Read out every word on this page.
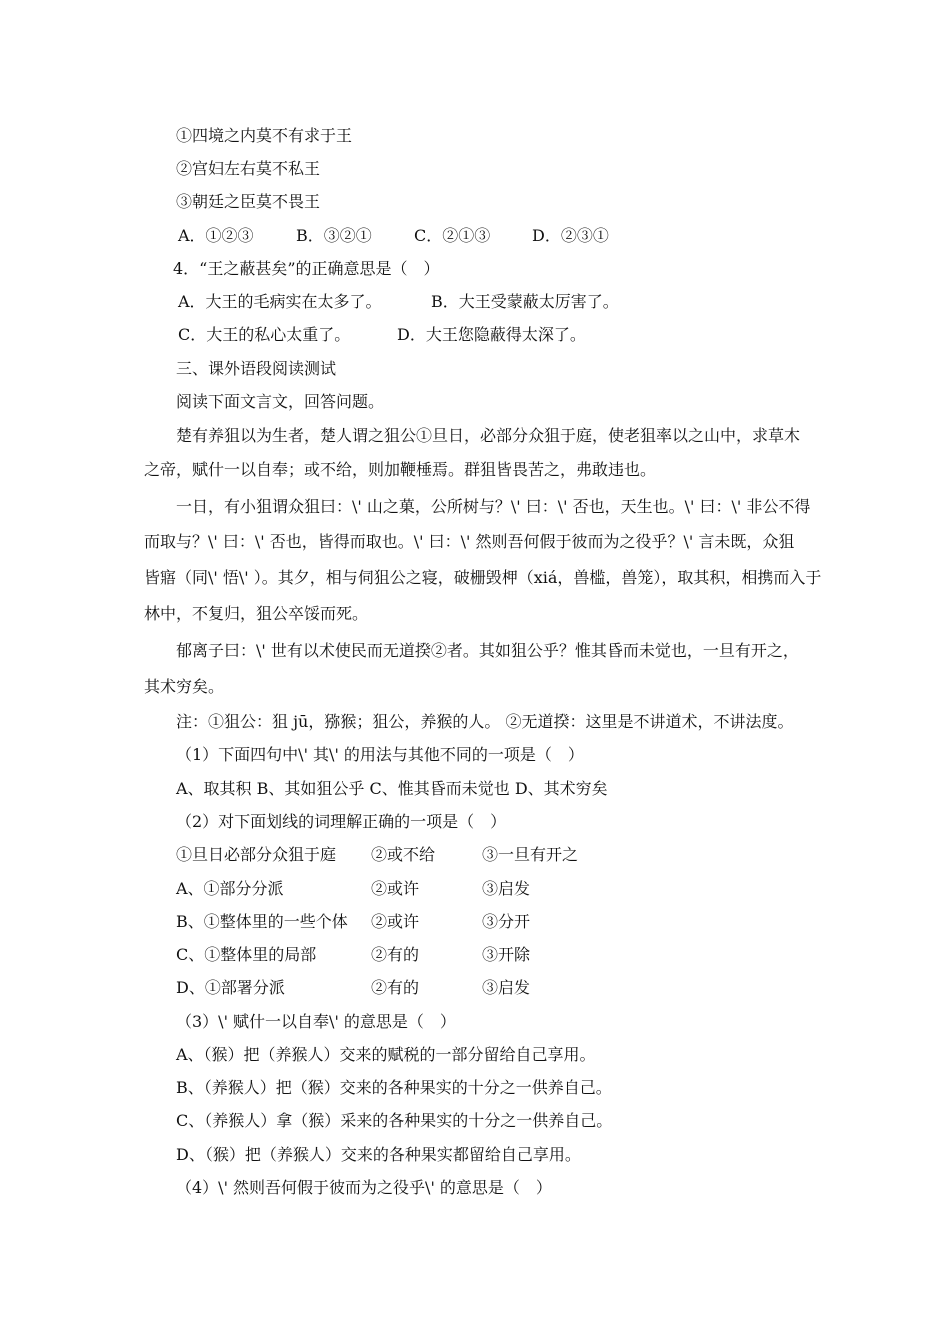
①四境之内莫不有求于王
②宫妇左右莫不私王
③朝廷之臣莫不畏王
A．①②③	B．③②①	C．②①③	D．②③①
4．“王之蔽甚矣”的正确意思是（　）
A．大王的毛病实在太多了。	B．大王受蒙蔽太厉害了。
C．大王的私心太重了。	D．大王您隐蔽得太深了。
三、课外语段阅读测试
阅读下面文言文，回答问题。
楚有养狙以为生者，楚人谓之狙公①旦日，必部分众狙于庭，使老狙率以之山中，求草木
之帝，赋什一以自奉；或不给，则加鞭棰焉。群狙皆畏苦之，弗敢违也。
一日，有小狙谓众狙曰：\' 山之菓，公所树与？\' 曰：\' 否也，天生也。\' 曰：\' 非公不得
而取与？\' 曰：\' 否也，皆得而取也。\' 曰：\' 然则吾何假于彼而为之役乎？\' 言未既，众狙
皆寤（同\' 悟\' ）。其夕，相与伺狙公之寝，破栅毁柙（xiá，兽槛，兽笼），取其积，相携而入于
林中，不复归，狙公卒馁而死。
郁离子曰：\' 世有以术使民而无道揆②者。其如狙公乎？惟其昏而未觉也，一旦有开之，
其术穷矣。
注：①狙公：狙 jū，猕猴；狙公，养猴的人。 ②无道揆：这里是不讲道术，不讲法度。
（1）下面四句中\' 其\' 的用法与其他不同的一项是（　）
A、取其积 B、其如狙公乎 C、惟其昏而未觉也 D、其术穷矣
（2）对下面划线的词理解正确的一项是（　）
①旦日必部分众狙于庭 ②或不给	③一旦有开之
A、①部分分派	②或许	③启发
B、①整体里的一些个体 ②或许	③分开
C、①整体里的局部	②有的	③开除
D、①部署分派	②有的	③启发
（3）\' 赋什一以自奉\' 的意思是（　）
A、（猴）把（养猴人）交来的赋税的一部分留给自己享用。
B、（养猴人）把（猴）交来的各种果实的十分之一供养自己。
C、（养猴人）拿（猴）采来的各种果实的十分之一供养自己。
D、（猴）把（养猴人）交来的各种果实都留给自己享用。
（4）\' 然则吾何假于彼而为之役乎\' 的意思是（　）
